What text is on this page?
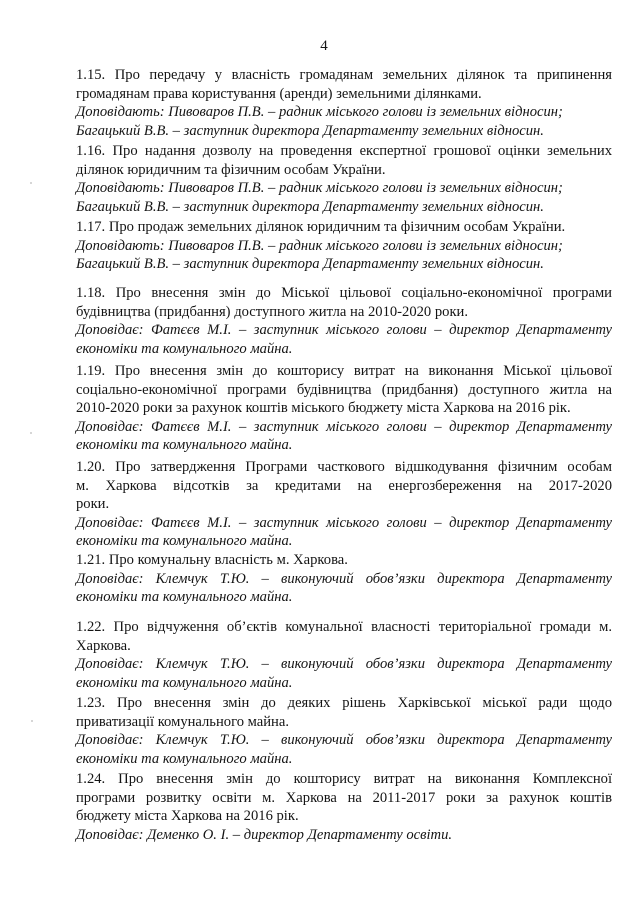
4
1.15. Про передачу у власність громадянам земельних ділянок та припинення
громадянам права користування (аренди) земельними ділянками.
Доповідають: Пивоваров П.В. – радник міського голови із земельних відносин;
Багацький В.В. – заступник директора Департаменту земельних відносин.
1.16. Про надання дозволу на проведення експертної грошової оцінки земельних
ділянок юридичним та фізичним особам України.
Доповідають: Пивоваров П.В. – радник міського голови із земельних відносин;
Багацький В.В. – заступник директора Департаменту земельних відносин.
1.17. Про продаж земельних ділянок юридичним та фізичним особам України.
Доповідають: Пивоваров П.В. – радник міського голови із земельних відносин;
Багацький В.В. – заступник директора Департаменту земельних відносин.
1.18. Про внесення змін до Міської цільової соціально-економічної програми
будівництва (придбання) доступного житла на 2010-2020 роки.
Доповідає: Фатєєв М.І. – заступник міського голови – директор Департаменту
економіки та комунального майна.
1.19. Про внесення змін до кошторису витрат на виконання Міської цільової
соціально-економічної програми будівництва (придбання) доступного житла на
2010-2020 роки за рахунок коштів міського бюджету міста Харкова на 2016 рік.
Доповідає: Фатєєв М.І. – заступник міського голови – директор Департаменту
економіки та комунального майна.
1.20. Про затвердження Програми часткового відшкодування фізичним особам
м. Харкова відсотків за кредитами на енергозбереження на 2017-2020
роки.
Доповідає: Фатєєв М.І. – заступник міського голови – директор Департаменту
економіки та комунального майна.
1.21. Про комунальну власність м. Харкова.
Доповідає: Клемчук Т.Ю. – виконуючий обов’язки директора Департаменту
економіки та комунального майна.
1.22. Про відчуження об’єктів комунальної власності територіальної громади м.
Харкова.
Доповідає: Клемчук Т.Ю. – виконуючий обов’язки директора Департаменту
економіки та комунального майна.
1.23. Про внесення змін до деяких рішень Харківської міської ради щодо
приватизації комунального майна.
Доповідає: Клемчук Т.Ю. – виконуючий обов’язки директора Департаменту
економіки та комунального майна.
1.24. Про внесення змін до кошторису витрат на виконання Комплексної
програми розвитку освіти м. Харкова на 2011-2017 роки за рахунок коштів
бюджету міста Харкова на 2016 рік.
Доповідає: Деменко О. І. – директор Департаменту освіти.
